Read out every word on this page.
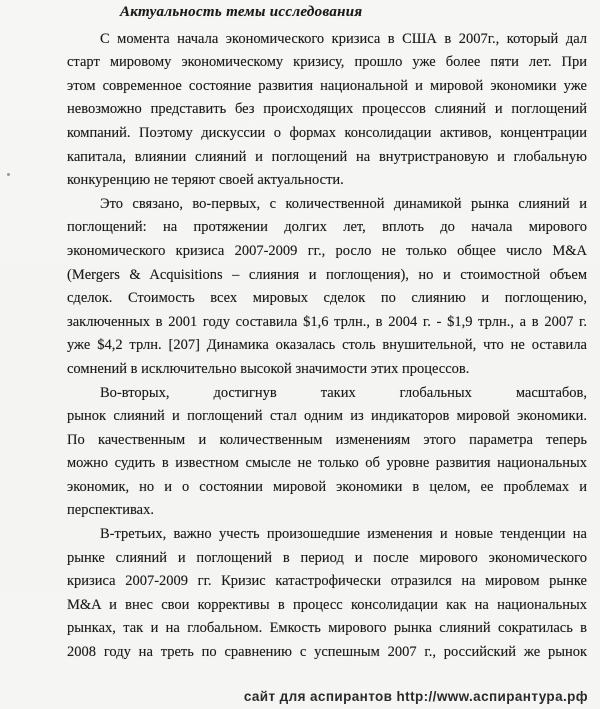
Актуальность темы исследования
С момента начала экономического кризиса в США в 2007г., который дал
старт мировому экономическому кризису, прошло уже более пяти лет. При
этом современное состояние развития национальной и мировой экономики уже
невозможно представить без происходящих процессов слияний и поглощений
компаний. Поэтому дискуссии о формах консолидации активов, концентрации
капитала, влиянии слияний и поглощений на внутристрановую и глобальную
конкуренцию не теряют своей актуальности.
Это связано, во-первых, с количественной динамикой рынка слияний и
поглощений: на протяжении долгих лет, вплоть до начала мирового
экономического кризиса 2007-2009 гг., росло не только общее число M&A
(Mergers & Acquisitions – слияния и поглощения), но и стоимостной объем
сделок. Стоимость всех мировых сделок по слиянию и поглощению,
заключенных в 2001 году составила $1,6 трлн., в 2004 г. - $1,9 трлн., а в 2007 г.
уже $4,2 трлн. [207] Динамика оказалась столь внушительной, что не оставила
сомнений в исключительно высокой значимости этих процессов.
Во-вторых, достигнув таких глобальных масштабов,
рынок слияний и поглощений стал одним из индикаторов мировой экономики.
По качественным и количественным изменениям этого параметра теперь
можно судить в известном смысле не только об уровне развития национальных
экономик, но и о состоянии мировой экономики в целом, ее проблемах и
перспективах.
В-третьих, важно учесть произошедшие изменения и новые тенденции на
рынке слияний и поглощений в период и после мирового экономического
кризиса 2007-2009 гг. Кризис катастрофически отразился на мировом рынке
M&A и внес свои коррективы в процесс консолидации как на национальных
рынках, так и на глобальном. Емкость мирового рынка слияний сократилась в
2008 году на треть по сравнению с успешным 2007 г., российский же рынок
сайт для аспирантов http://www.аспирантура.рф
